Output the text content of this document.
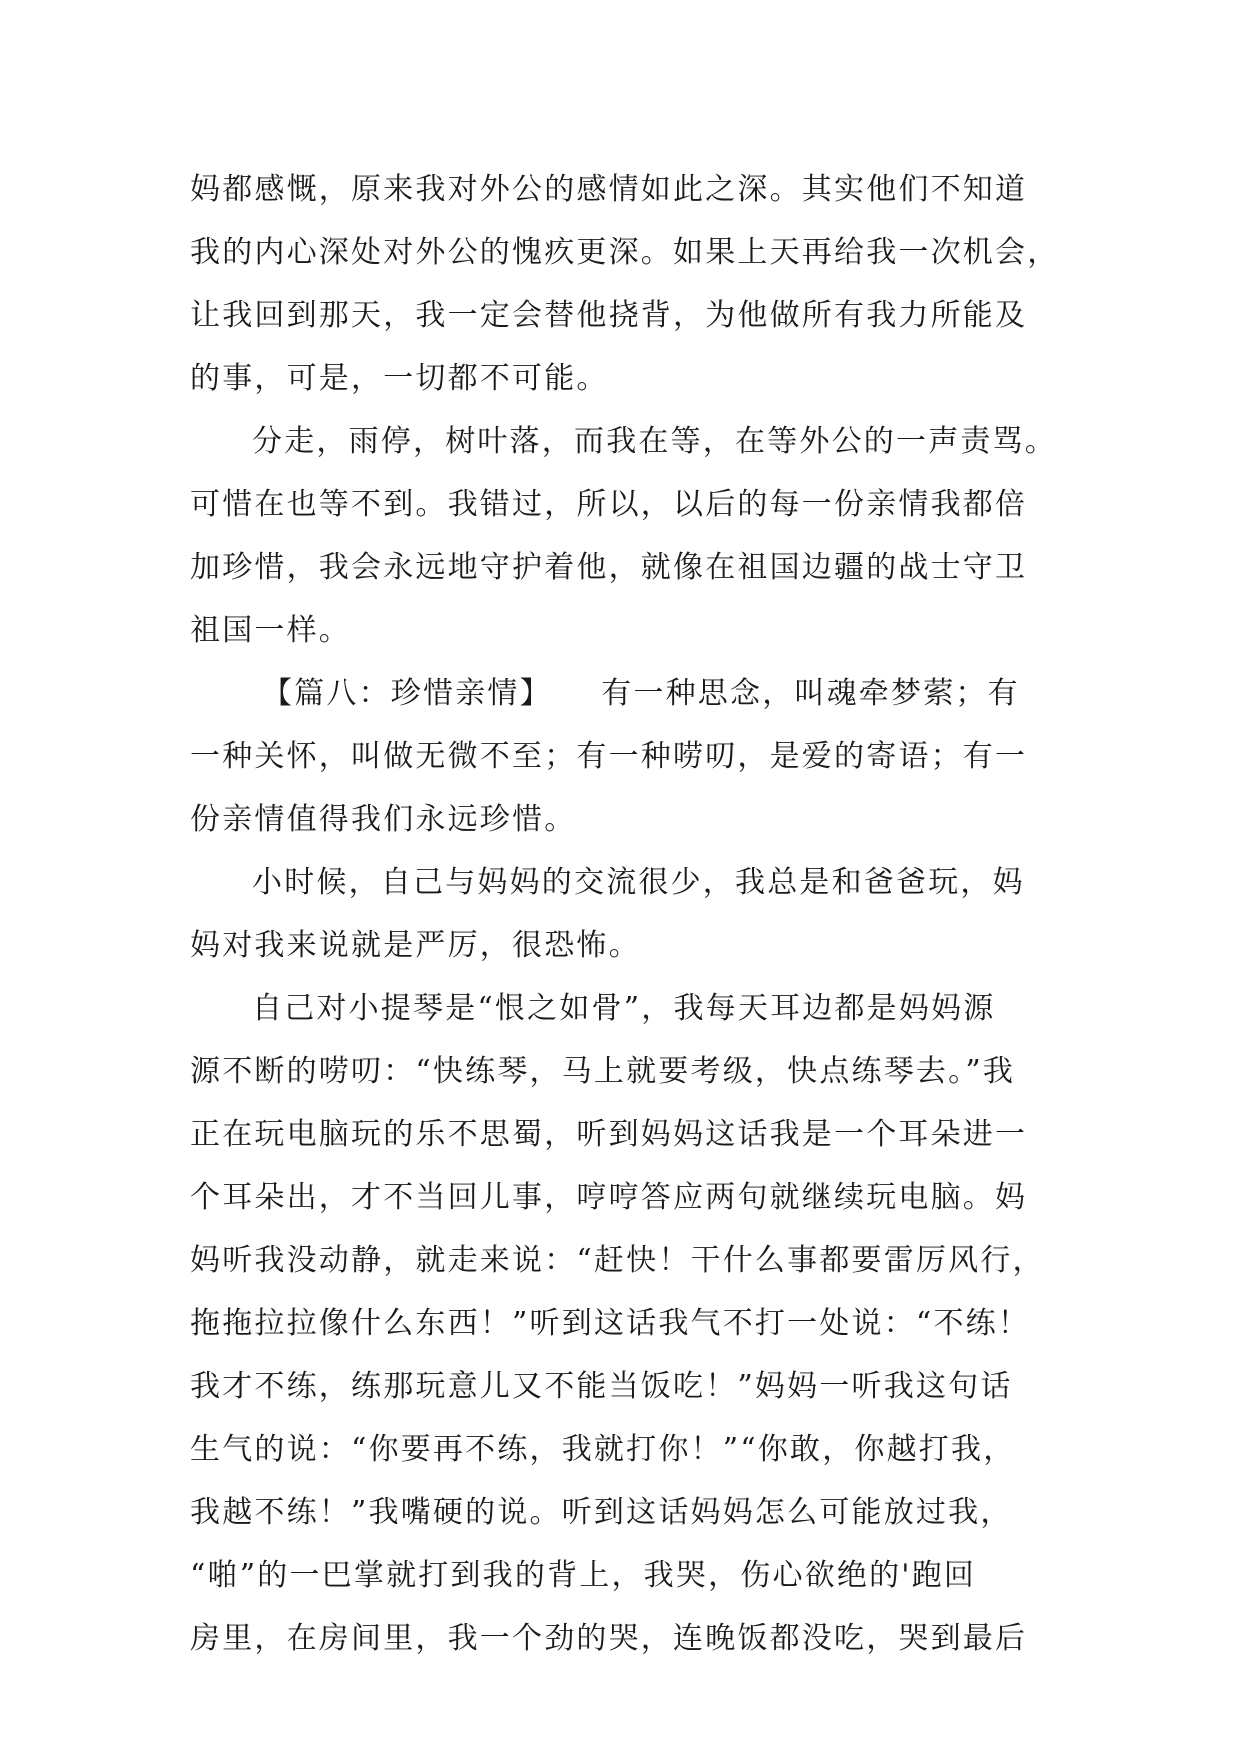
妈都感慨，原来我对外公的感情如此之深。其实他们不知道
我的内心深处对外公的愧疚更深。如果上天再给我一次机会，
让我回到那天，我一定会替他挠背，为他做所有我力所能及
的事，可是，一切都不可能。
分走，雨停，树叶落，而我在等，在等外公的一声责骂。
可惜在也等不到。我错过，所以，以后的每一份亲情我都倍
加珍惜，我会永远地守护着他，就像在祖国边疆的战士守卫
祖国一样。
【篇八：珍惜亲情】　　有一种思念，叫魂牵梦萦；有
一种关怀，叫做无微不至；有一种唠叨，是爱的寄语；有一
份亲情值得我们永远珍惜。
小时候，自己与妈妈的交流很少，我总是和爸爸玩，妈
妈对我来说就是严厉，很恐怖。
自己对小提琴是“恨之如骨”，我每天耳边都是妈妈源
源不断的唠叨：“快练琴，马上就要考级，快点练琴去。”我
正在玩电脑玩的乐不思蜀，听到妈妈这话我是一个耳朵进一
个耳朵出，才不当回儿事，哼哼答应两句就继续玩电脑。妈
妈听我没动静，就走来说：“赶快！干什么事都要雷厉风行，
拖拖拉拉像什么东西！”听到这话我气不打一处说：“不练！
我才不练，练那玩意儿又不能当饭吃！”妈妈一听我这句话
生气的说：“你要再不练，我就打你！”“你敢，你越打我，
我越不练！”我嘴硬的说。听到这话妈妈怎么可能放过我，
“啪”的一巴掌就打到我的背上，我哭，伤心欲绝的'跑回
房里，在房间里，我一个劲的哭，连晚饭都没吃，哭到最后
